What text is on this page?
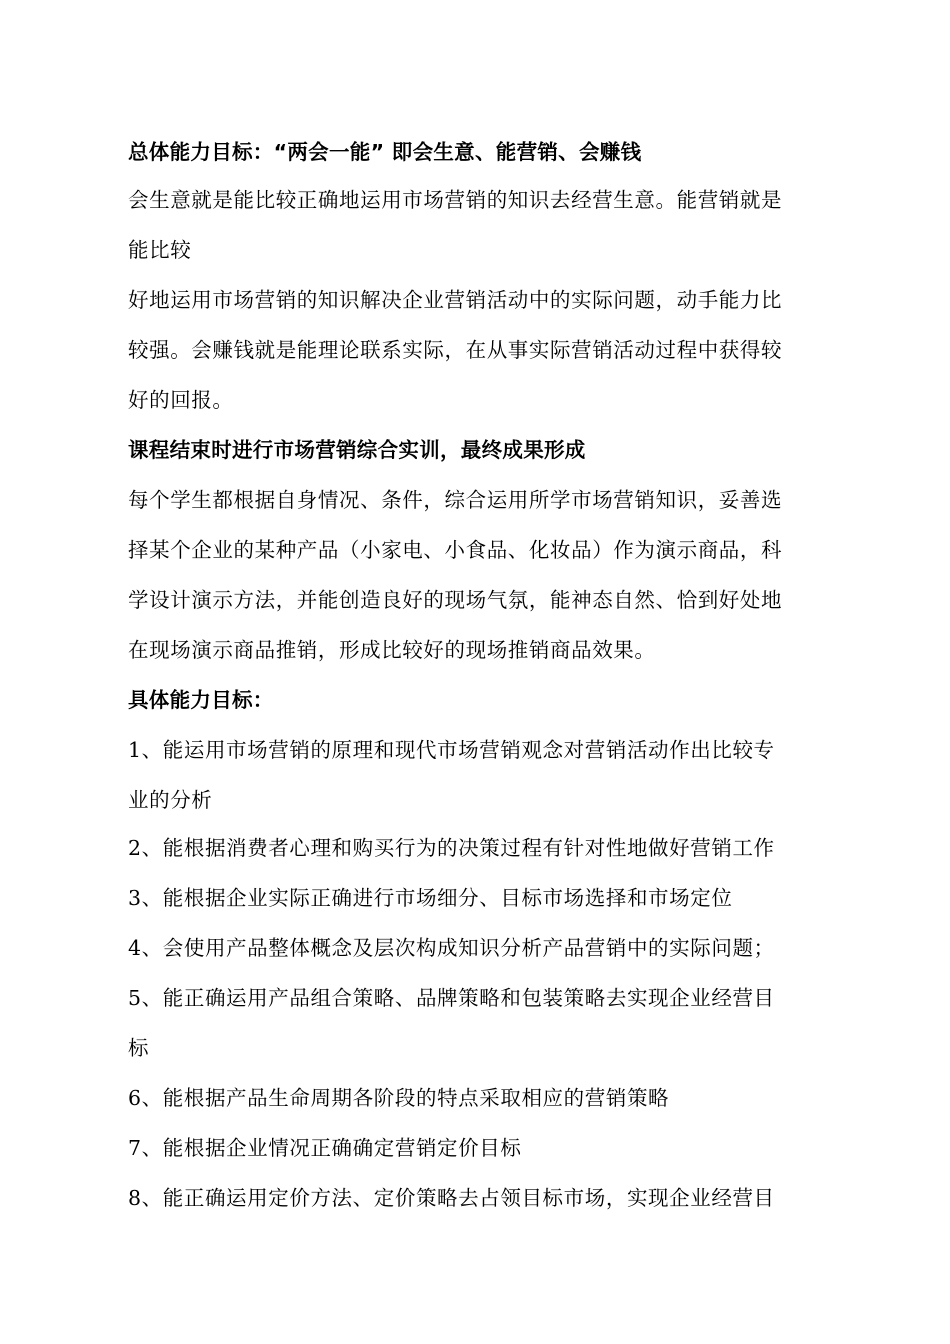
总体能力目标：“两会一能” 即会生意、能营销、会赚钱
会生意就是能比较正确地运用市场营销的知识去经营生意。能营销就是
能比较
好地运用市场营销的知识解决企业营销活动中的实际问题，动手能力比
较强。会赚钱就是能理论联系实际，在从事实际营销活动过程中获得较
好的回报。
课程结束时进行市场营销综合实训，最终成果形成
每个学生都根据自身情况、条件，综合运用所学市场营销知识，妥善选
择某个企业的某种产品（小家电、小食品、化妆品）作为演示商品，科
学设计演示方法，并能创造良好的现场气氛，能神态自然、恰到好处地
在现场演示商品推销，形成比较好的现场推销商品效果。
具体能力目标：
1、能运用市场营销的原理和现代市场营销观念对营销活动作出比较专
业的分析
2、能根据消费者心理和购买行为的决策过程有针对性地做好营销工作
3、能根据企业实际正确进行市场细分、目标市场选择和市场定位
4、会使用产品整体概念及层次构成知识分析产品营销中的实际问题；
5、能正确运用产品组合策略、品牌策略和包装策略去实现企业经营目
标
6、能根据产品生命周期各阶段的特点采取相应的营销策略
7、能根据企业情况正确确定营销定价目标
8、能正确运用定价方法、定价策略去占领目标市场，实现企业经营目
